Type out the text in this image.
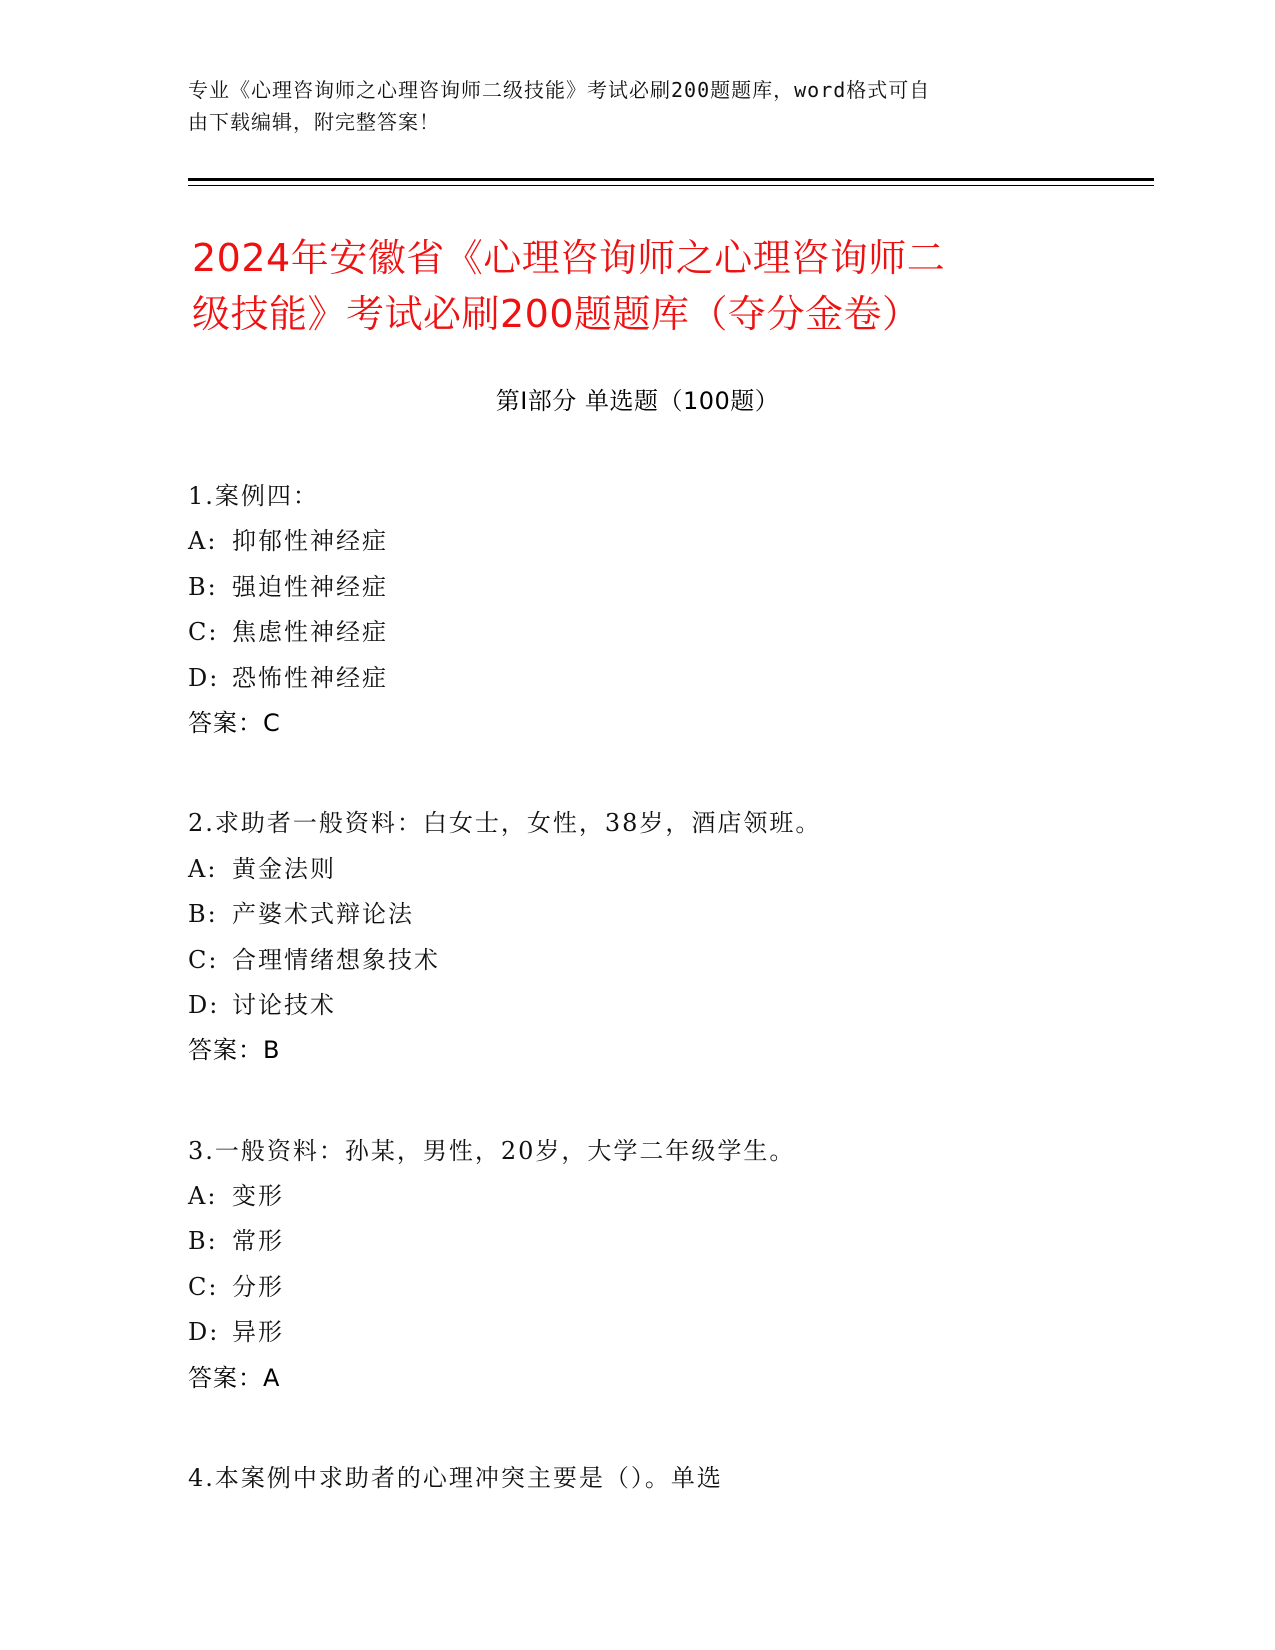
专业《心理咨询师之心理咨询师二级技能》考试必刷200题题库，word格式可自
由下载编辑，附完整答案！
2024年安徽省《心理咨询师之心理咨询师二
级技能》考试必刷200题题库（夺分金卷）
第Ⅰ部分 单选题（100题）
1.案例四：
A: 抑郁性神经症
B: 强迫性神经症
C: 焦虑性神经症
D: 恐怖性神经症
答案：C
2.求助者一般资料：白女士，女性，38岁，酒店领班。
A: 黄金法则
B: 产婆术式辩论法
C: 合理情绪想象技术
D: 讨论技术
答案：B
3.一般资料：孙某，男性，20岁，大学二年级学生。
A: 变形
B: 常形
C: 分形
D: 异形
答案：A
4.本案例中求助者的心理冲突主要是（）。单选
